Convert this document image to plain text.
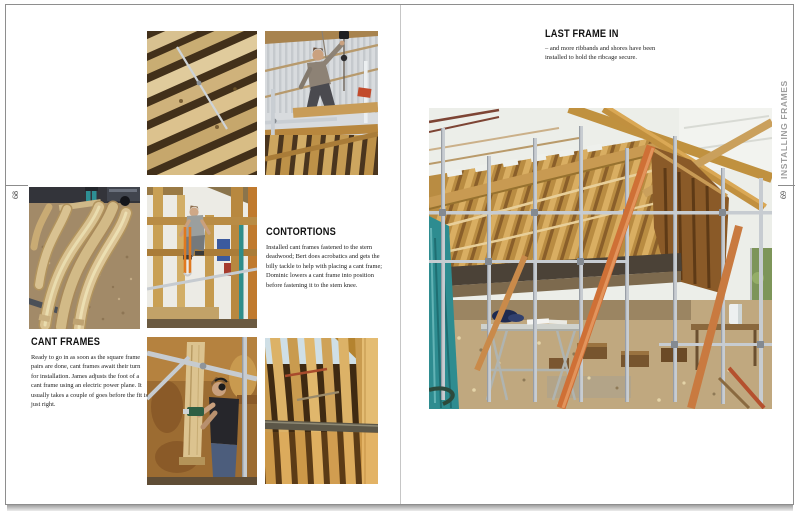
CANT FRAMES
Ready to go in as soon as the square frame pairs are done, cant frames await their turn for installation. James adjusts the foot of a cant frame using an electric power plane. It usually takes a couple of goes before the fit is just right.
CONTORTIONS
Installed cant frames fastened to the stern deadwood; Bert does acrobatics and gets the billy tackle to help with placing a cant frame; Dominic lowers a cant frame into position before fastening it to the stem knee.
68
LAST FRAME IN
– and more ribbands and shores have been installed to hold the ribcage secure.
INSTALLING FRAMES
69
